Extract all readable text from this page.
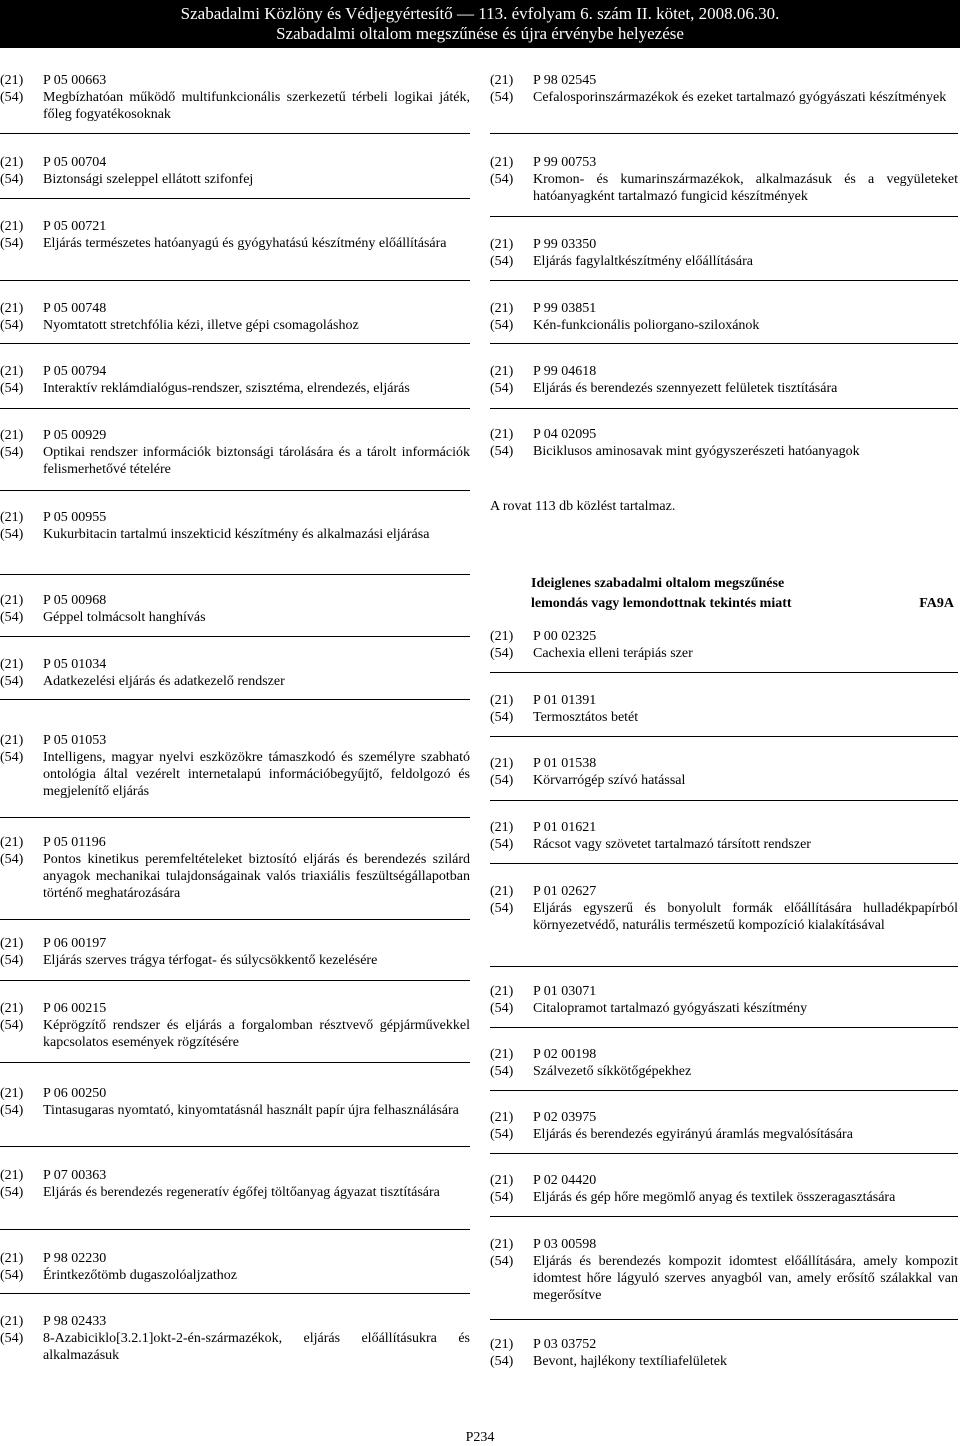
Szabadalmi Közlöny és Védjegyértesítő — 113. évfolyam 6. szám II. kötet, 2008.06.30.
Szabadalmi oltalom megszűnése és újra érvénybe helyezése
(21)	P 05 00663
(54)	Megbízhatóan működő multifunkcionális szerkezetű térbeli logikai játék, főleg fogyatékosoknak
(21)	P 05 00704
(54)	Biztonsági szeleppel ellátott szifonfej
(21)	P 05 00721
(54)	Eljárás természetes hatóanyagú és gyógyhatású készítmény előállítására
(21)	P 05 00748
(54)	Nyomtatott stretchfólia kézi, illetve gépi csomagoláshoz
(21)	P 05 00794
(54)	Interaktív reklámdialógus-rendszer, szisztéma, elrendezés, eljárás
(21)	P 05 00929
(54)	Optikai rendszer információk biztonsági tárolására és a tárolt információk felismerhetővé tételére
(21)	P 05 00955
(54)	Kukurbitacin tartalmú inszekticid készítmény és alkalmazási eljárása
(21)	P 05 00968
(54)	Géppel tolmácsolt hanghívás
(21)	P 05 01034
(54)	Adatkezelési eljárás és adatkezelő rendszer
(21)	P 05 01053
(54)	Intelligens, magyar nyelvi eszközökre támaszkodó és személyre szabható ontológia által vezérelt internetalapú információbegyűjtő, feldolgozó és megjelenítő eljárás
(21)	P 05 01196
(54)	Pontos kinetikus peremfeltételeket biztosító eljárás és berendezés szilárd anyagok mechanikai tulajdonságainak valós triaxiális feszültségállapotban történő meghatározására
(21)	P 06 00197
(54)	Eljárás szerves trágya térfogat- és súlycsökkentő kezelésére
(21)	P 06 00215
(54)	Képrögzítő rendszer és eljárás a forgalomban résztvevő gépjárművekkel kapcsolatos események rögzítésére
(21)	P 06 00250
(54)	Tintasugaras nyomtató, kinyomtatásnál használt papír újra felhasználására
(21)	P 07 00363
(54)	Eljárás és berendezés regeneratív égőfej töltőanyag ágyazat tisztítására
(21)	P 98 02230
(54)	Érintkezőtömb dugaszolóaljzathoz
(21)	P 98 02433
(54)	8-Azabiciklo[3.2.1]okt-2-én-származékok, eljárás előállításukra és alkalmazásuk
(21)	P 98 02545
(54)	Cefalosporinszármazékok és ezeket tartalmazó gyógyászati készítmények
(21)	P 99 00753
(54)	Kromon- és kumarinszármazékok, alkalmazásuk és a vegyületeket hatóanyagként tartalmazó fungicid készítmények
(21)	P 99 03350
(54)	Eljárás fagylaltkészítmény előállítására
(21)	P 99 03851
(54)	Kén-funkcionális poliorgano-sziloxánok
(21)	P 99 04618
(54)	Eljárás és berendezés szennyezett felületek tisztítására
(21)	P 04 02095
(54)	Biciklusos aminosavak mint gyógyszerészeti hatóanyagok
A rovat 113 db közlést tartalmaz.
Ideiglenes szabadalmi oltalom megszűnése
lemondás vagy lemondottnak tekintés miatt	FA9A
(21)	P 00 02325
(54)	Cachexia elleni terápiás szer
(21)	P 01 01391
(54)	Termosztátos betét
(21)	P 01 01538
(54)	Körvarrógép szívó hatással
(21)	P 01 01621
(54)	Rácsot vagy szövetet tartalmazó társított rendszer
(21)	P 01 02627
(54)	Eljárás egyszerű és bonyolult formák előállítására hulladékpapírból környezetvédő, naturális természetű kompozíció kialakításával
(21)	P 01 03071
(54)	Citalopramot tartalmazó gyógyászati készítmény
(21)	P 02 00198
(54)	Szálvezető síkkötőgépekhez
(21)	P 02 03975
(54)	Eljárás és berendezés egyirányú áramlás megvalósítására
(21)	P 02 04420
(54)	Eljárás és gép hőre megömlő anyag és textilek összeragasztására
(21)	P 03 00598
(54)	Eljárás és berendezés kompozit idomtest előállítására, amely kompozit idomtest hőre lágyuló szerves anyagból van, amely erősítő szálakkal van megerősítve
(21)	P 03 03752
(54)	Bevont, hajlékony textíliafelületek
P234
